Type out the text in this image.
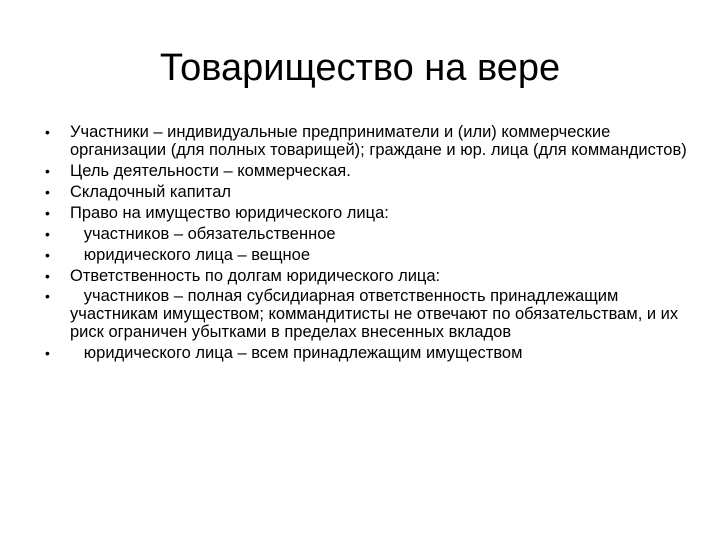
Товарищество на вере
•	Участники – индивидуальные предприниматели и (или) коммерческие организации (для полных товарищей); граждане и юр. лица (для коммандистов)
•	Цель деятельности – коммерческая.
•	Складочный капитал
•	Право на имущество юридического лица:
•	участников – обязательственное
•	юридического лица – вещное
•	Ответственность по долгам юридического лица:
•	участников – полная субсидиарная ответственность принадлежащим участникам имуществом; коммандитисты не отвечают по обязательствам, и их риск ограничен убытками в пределах внесенных вкладов
•	юридического лица – всем принадлежащим имуществом
